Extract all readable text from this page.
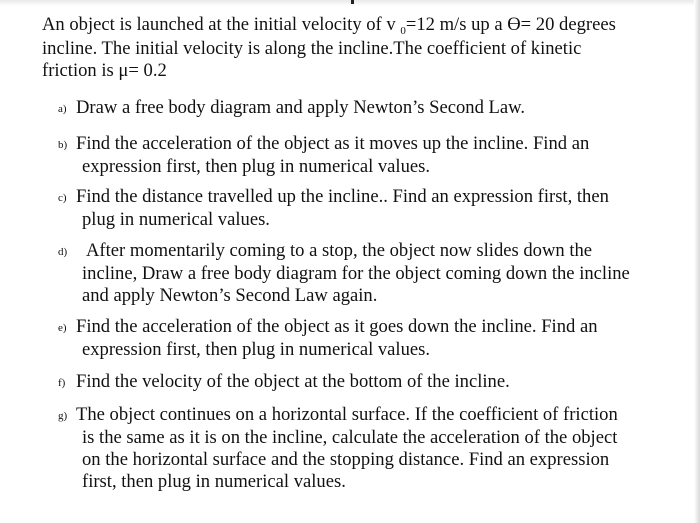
An object is launched at the initial velocity of v $_0$=12 m/s up a ϴ= 20 degrees
incline. The initial velocity is along the incline.The coefficient of kinetic
friction is μ= 0.2

a) Draw a free body diagram and apply Newton’s Second Law.
b) Find the acceleration of the object as it moves up the incline. Find an
expression first, then plug in numerical values.
c) Find the distance travelled up the incline.. Find an expression first, then
plug in numerical values.
d) After momentarily coming to a stop, the object now slides down the
incline, Draw a free body diagram for the object coming down the incline
and apply Newton’s Second Law again.
e) Find the acceleration of the object as it goes down the incline. Find an
expression first, then plug in numerical values.
f) Find the velocity of the object at the bottom of the incline.
g) The object continues on a horizontal surface. If the coefficient of friction
is the same as it is on the incline, calculate the acceleration of the object
on the horizontal surface and the stopping distance. Find an expression
first, then plug in numerical values.
